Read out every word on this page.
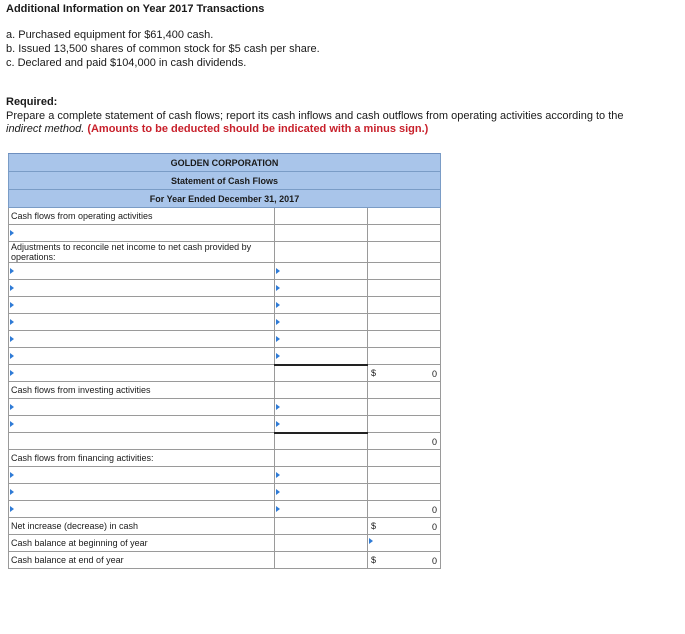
Additional Information on Year 2017 Transactions
a. Purchased equipment for $61,400 cash.
b. Issued 13,500 shares of common stock for $5 cash per share.
c. Declared and paid $104,000 in cash dividends.
Required:
Prepare a complete statement of cash flows; report its cash inflows and cash outflows from operating activities according to the
indirect method. (Amounts to be deducted should be indicated with a minus sign.)
GOLDEN CORPORATION		
Statement of Cash Flows		
For Year Ended December 31, 2017		
Cash flows from operating activities		

Adjustments to reconcile net income to net cash provided by operations:		

		$ 0

Cash flows from investing activities		

		0

Cash flows from financing activities:		

		0

Net increase (decrease) in cash		$ 0

Cash balance at beginning of year		

Cash balance at end of year		$ 0
